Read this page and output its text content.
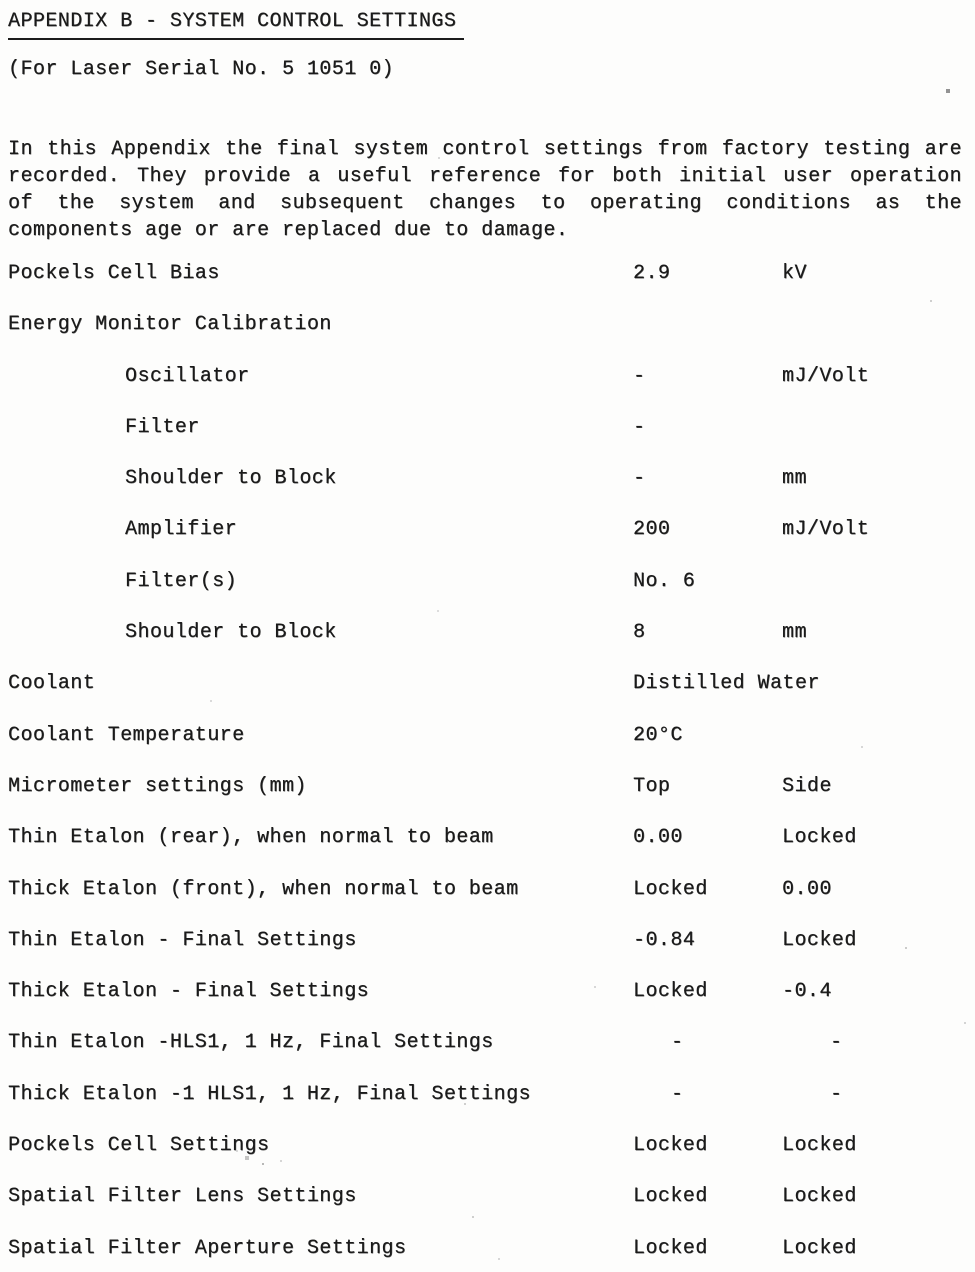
APPENDIX B - SYSTEM CONTROL SETTINGS
(For Laser Serial No. 5 1051 0)
In this Appendix the final system control settings from factory testing are
recorded. They provide a useful reference for both initial user operation
of the system and subsequent changes to operating conditions as the
components age or are replaced due to damage.
Pockels Cell Bias	2.9	kV
Energy Monitor Calibration
Oscillator	-	mJ/Volt
Filter	-
Shoulder to Block	-	mm
Amplifier	200	mJ/Volt
Filter(s)	No. 6
Shoulder to Block	8	mm
Coolant	Distilled Water
Coolant Temperature	20°C
Micrometer settings (mm)	Top	Side
Thin Etalon (rear), when normal to beam	0.00	Locked
Thick Etalon (front), when normal to beam	Locked	0.00
Thin Etalon - Final Settings	-0.84	Locked
Thick Etalon - Final Settings	Locked	-0.4
Thin Etalon -HLS1, 1 Hz, Final Settings	-	-
Thick Etalon -1 HLS1, 1 Hz, Final Settings	-	-
Pockels Cell Settings	Locked	Locked
Spatial Filter Lens Settings	Locked	Locked
Spatial Filter Aperture Settings	Locked	Locked
